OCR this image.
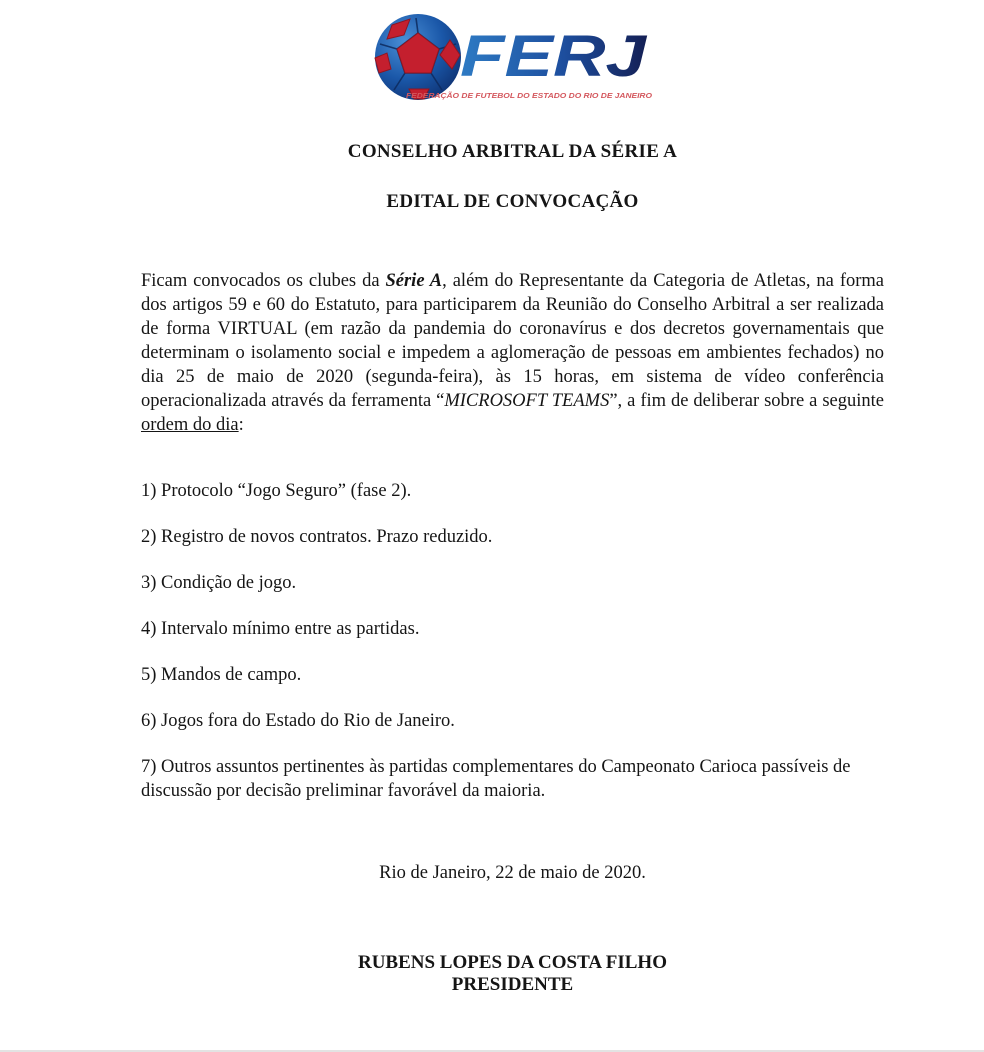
FERJ
FEDERAÇÃO DE FUTEBOL DO ESTADO DO RIO DE JANEIRO

CONSELHO ARBITRAL DA SÉRIE A

EDITAL DE CONVOCAÇÃO

Ficam convocados os clubes da Série A, além do Representante da Categoria de Atletas, na forma dos artigos 59 e 60 do Estatuto, para participarem da Reunião do Conselho Arbitral a ser realizada de forma VIRTUAL (em razão da pandemia do coronavírus e dos decretos governamentais que determinam o isolamento social e impedem a aglomeração de pessoas em ambientes fechados) no dia 25 de maio de 2020 (segunda-feira), às 15 horas, em sistema de vídeo conferência operacionalizada através da ferramenta “MICROSOFT TEAMS”, a fim de deliberar sobre a seguinte ordem do dia:

1) Protocolo “Jogo Seguro” (fase 2).
2) Registro de novos contratos. Prazo reduzido.
3) Condição de jogo.
4) Intervalo mínimo entre as partidas.
5) Mandos de campo.
6) Jogos fora do Estado do Rio de Janeiro.
7) Outros assuntos pertinentes às partidas complementares do Campeonato Carioca passíveis de discussão por decisão preliminar favorável da maioria.

Rio de Janeiro, 22 de maio de 2020.

RUBENS LOPES DA COSTA FILHO
PRESIDENTE
